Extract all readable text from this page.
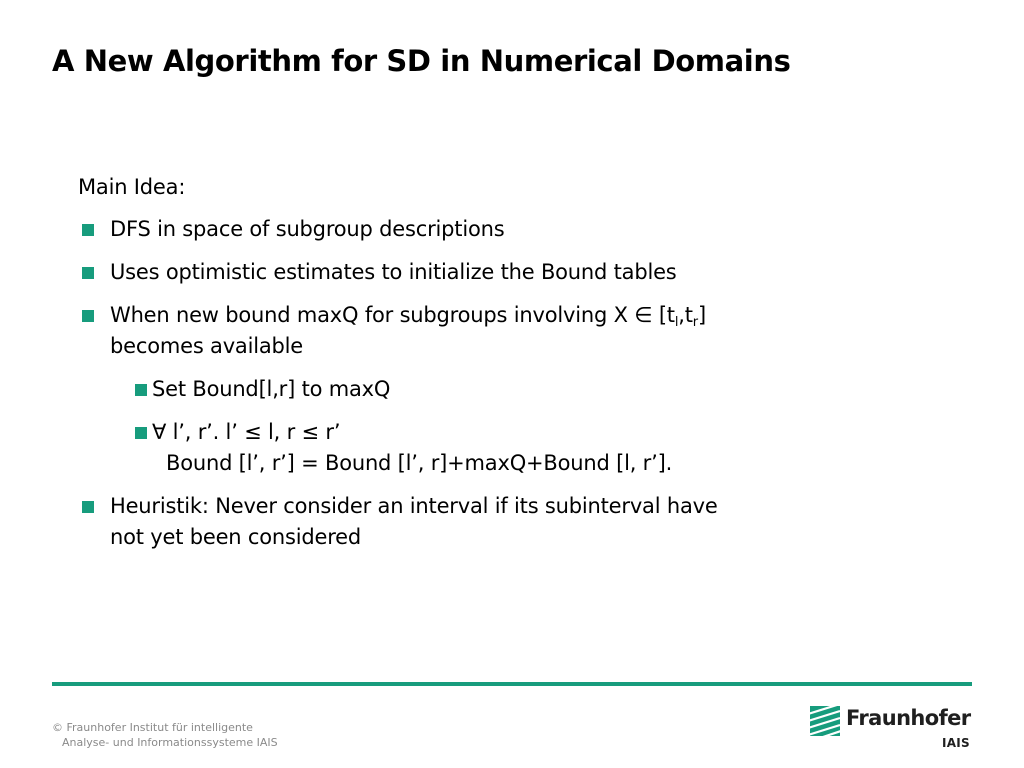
A New Algorithm for SD in Numerical Domains
Main Idea:
DFS in space of subgroup descriptions
Uses optimistic estimates to initialize the Bound tables
When new bound maxQ for subgroups involving X ∈ $[t_l,t_r]$
becomes available
Set Bound[l,r] to maxQ
∀ l’, r’. l’ ≤ l, r ≤ r’
Bound [l’, r’] = Bound [l’, r]+maxQ+Bound [l, r’].
Heuristik: Never consider an interval if its subinterval have
not yet been considered
© Fraunhofer Institut für intelligente
Analyse- und Informationssysteme IAIS
Fraunhofer
IAIS
